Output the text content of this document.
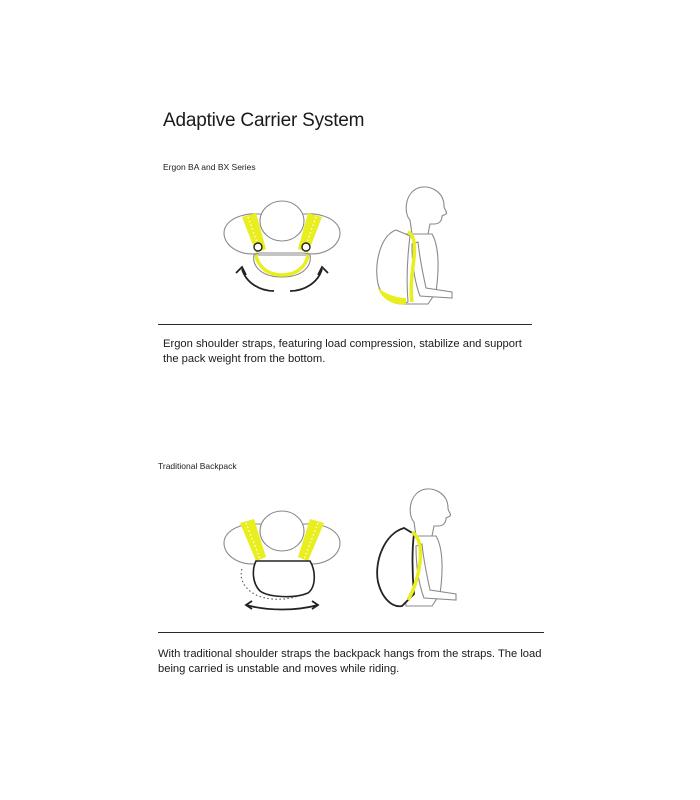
Adaptive Carrier System
Ergon BA and BX Series
Ergon shoulder straps, featuring load compression, stabilize and support the pack weight from the bottom.
Traditional Backpack
With traditional shoulder straps the backpack hangs from the straps. The load being carried is unstable and moves while riding.
